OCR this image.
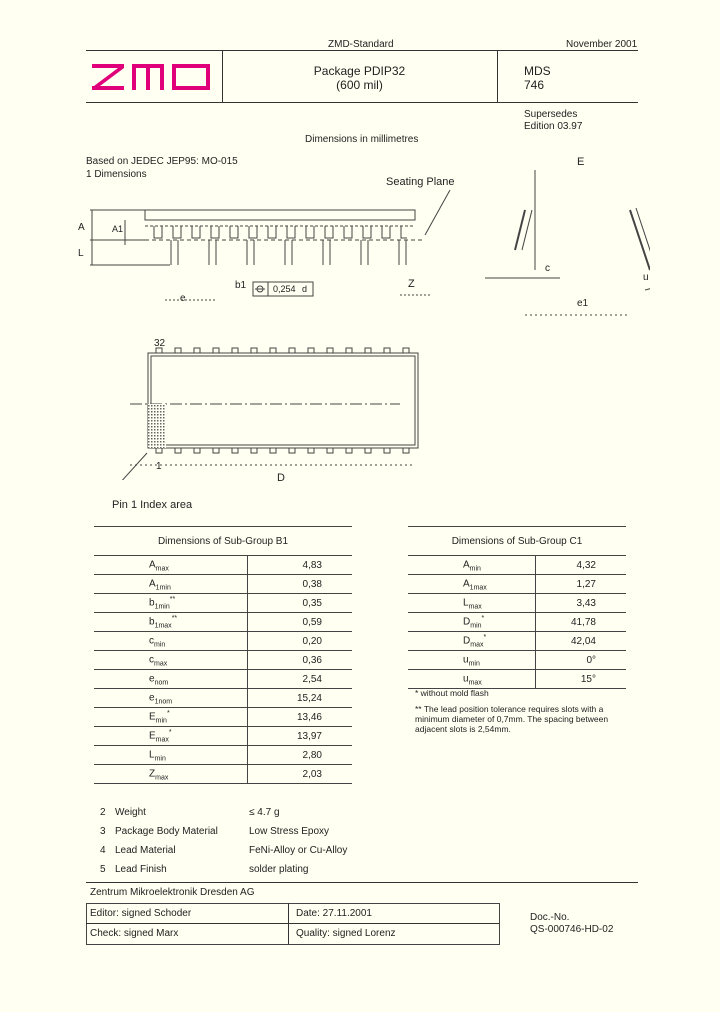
ZMD-Standard	November 2001
Package PDIP32
(600 mil)
MDS
746
Supersedes
Edition 03.97
Dimensions in millimetres
Based on JEDEC JEP95: MO-015
1 Dimensions
Seating Plane
A	A1
L
b1	0,254 d	Z
e
E
c
u
e1
32
1
D
Pin 1 Index area
Dimensions of Sub-Group B1	
$A_{max}$	4,83
$A_{1min}$	0,38
$b_{1min}^{**}$	0,35
$b_{1max}^{**}$	0,59
$c_{min}$	0,20
$c_{max}$	0,36
$e_{nom}$	2,54
$e_{1nom}$	15,24
$E_{min}^*$	13,46
$E_{max}^*$	13,97
$L_{min}$	2,80
$Z_{max}$	2,03
Dimensions of Sub-Group C1	
$A_{min}$	4,32
$A_{1max}$	1,27
$L_{max}$	3,43
$D_{min}^*$	41,78
$D_{max}^*$	42,04
$u_{min}$	0°
$u_{max}$	15°
* without mold flash
** The lead position tolerance requires slots with a
minimum diameter of 0,7mm. The spacing between
adjacent slots is 2,54mm.
2 Weight	≤ 4.7 g
3 Package Body Material	Low Stress Epoxy
4 Lead Material	FeNi-Alloy or Cu-Alloy
5 Lead Finish	solder plating
Zentrum Mikroelektronik Dresden AG
Editor: signed Schoder	Date: 27.11.2001
Check: signed Marx	Quality: signed Lorenz
Doc.-No.
QS-000746-HD-02
